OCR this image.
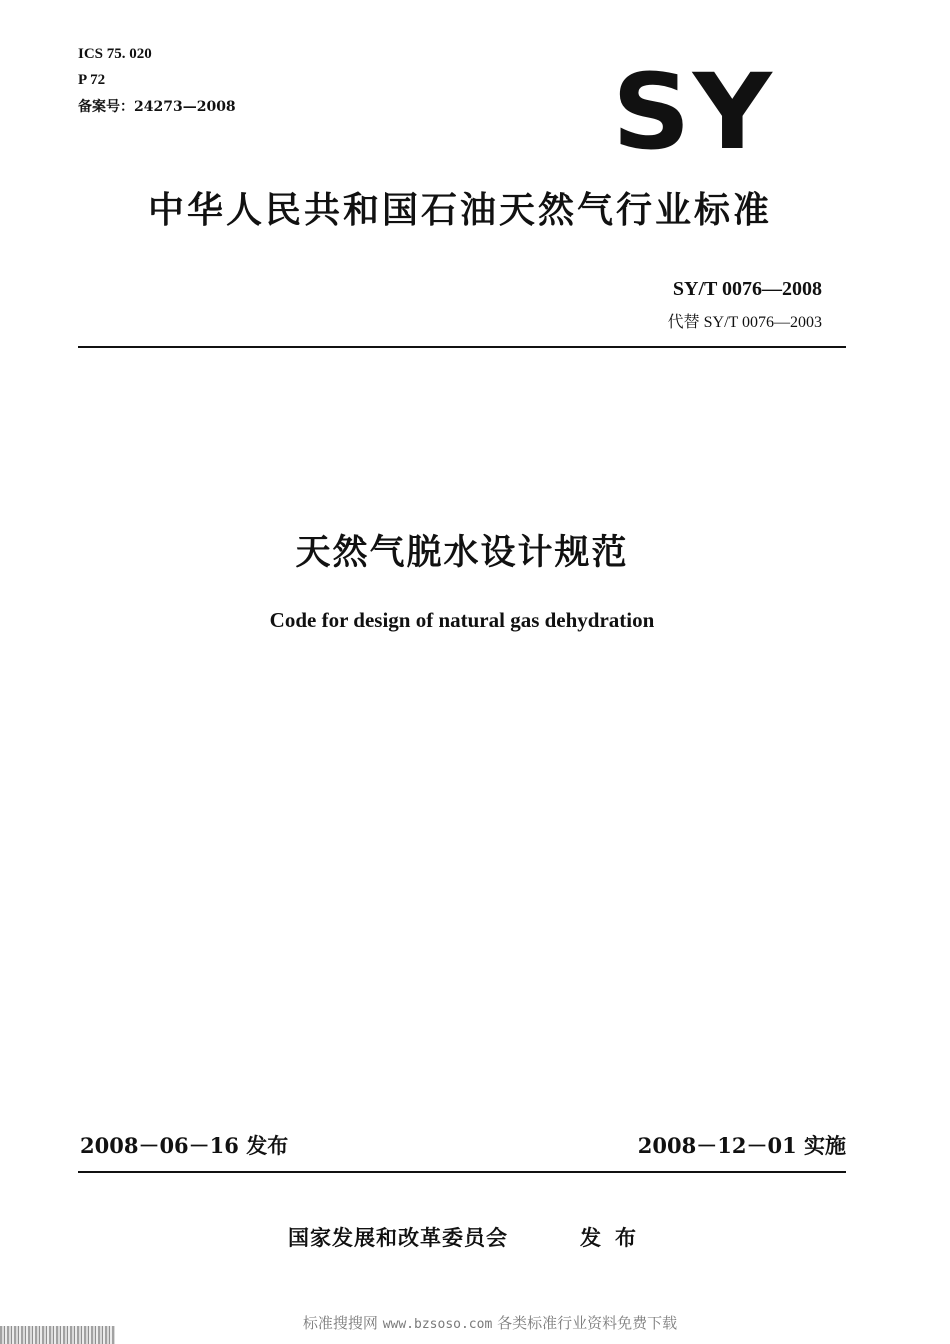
ICS 75. 020
P 72
备案号：24273—2008	SY
中华人民共和国石油天然气行业标准
SY/T 0076—2008
代替 SY/T 0076—2003
天然气脱水设计规范
Code for design of natural gas dehydration
2008－06－16 发布	2008－12－01 实施
国家发展和改革委员会	发布
标准搜搜网 www.bzsoso.com 各类标准行业资料免费下载
